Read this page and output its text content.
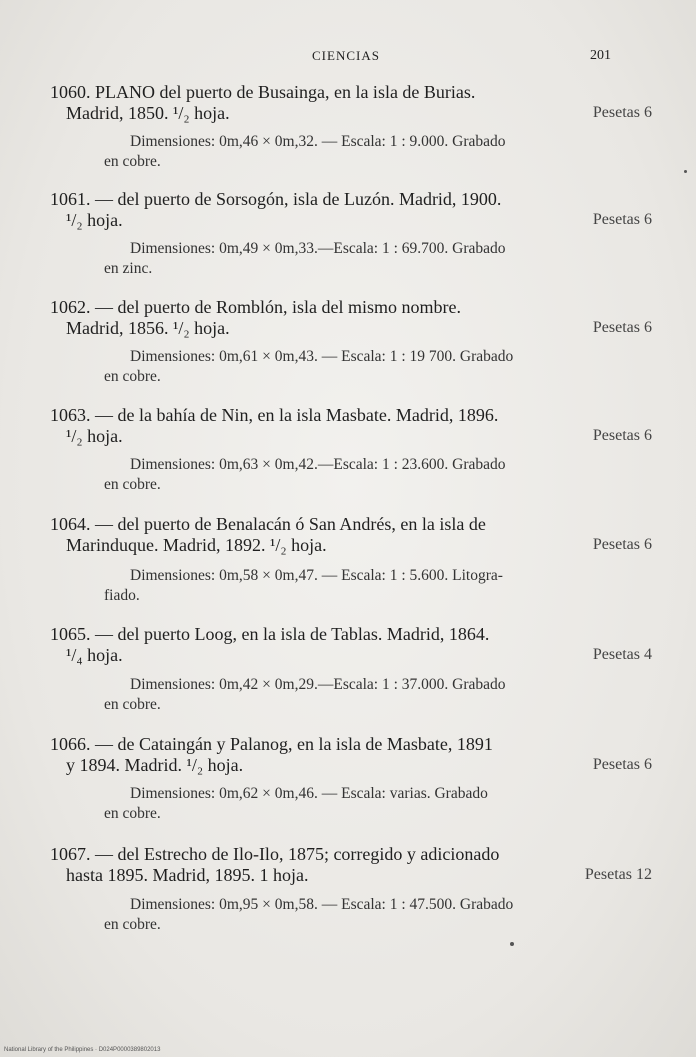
CIENCIAS	201
1060. PLANO del puerto de Busainga, en la isla de Burias.
Madrid, 1850. ¹/₂ hoja.	Pesetas 6
Dimensiones: 0m,46 × 0m,32. — Escala: 1 : 9.000. Grabado
en cobre.
1061. — del puerto de Sorsogón, isla de Luzón. Madrid, 1900.
¹/₂ hoja.	Pesetas 6
Dimensiones: 0m,49 × 0m,33.—Escala: 1 : 69.700. Grabado
en zinc.
1062. — del puerto de Romblón, isla del mismo nombre.
Madrid, 1856. ¹/₂ hoja.	Pesetas 6
Dimensiones: 0m,61 × 0m,43. — Escala: 1 : 19 700. Grabado
en cobre.
1063. — de la bahía de Nin, en la isla Masbate. Madrid, 1896.
¹/₂ hoja.	Pesetas 6
Dimensiones: 0m,63 × 0m,42.—Escala: 1 : 23.600. Grabado
en cobre.
1064. — del puerto de Benalacán ó San Andrés, en la isla de
Marinduque. Madrid, 1892. ¹/₂ hoja.	Pesetas 6
Dimensiones: 0m,58 × 0m,47. — Escala: 1 : 5.600. Litogra-
fiado.
1065. — del puerto Loog, en la isla de Tablas. Madrid, 1864.
¹/₄ hoja.	Pesetas 4
Dimensiones: 0m,42 × 0m,29.—Escala: 1 : 37.000. Grabado
en cobre.
1066. — de Cataingán y Palanog, en la isla de Masbate, 1891
y 1894. Madrid. ¹/₂ hoja.	Pesetas 6
Dimensiones: 0m,62 × 0m,46. — Escala: varias. Grabado
en cobre.
1067. — del Estrecho de Ilo-Ilo, 1875; corregido y adicionado
hasta 1895. Madrid, 1895. 1 hoja.	Pesetas 12
Dimensiones: 0m,95 × 0m,58. — Escala: 1 : 47.500. Grabado
en cobre.
National Library of the Philippines · D024P0000389802013
